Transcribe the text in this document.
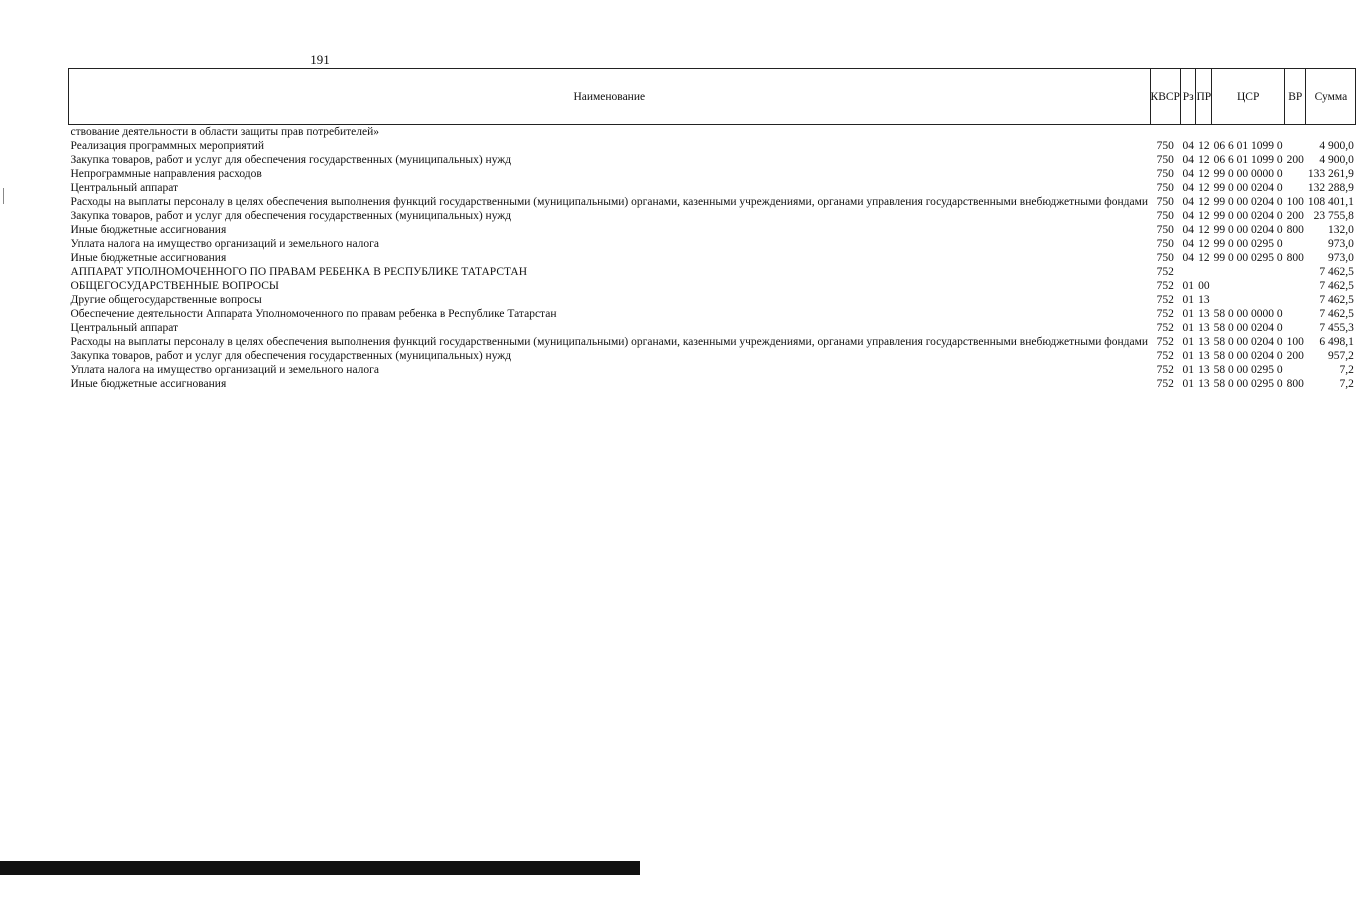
191
Наименование	КВСР	Рз	ПР	ЦСР	ВР	Сумма
ствование деятельности в области защиты прав потребителей»						
Реализация программных мероприятий	750	04	12	06 6 01 1099 0		4 900,0
Закупка товаров, работ и услуг для обеспечения государственных (муниципальных) нужд	750	04	12	06 6 01 1099 0	200	4 900,0
Непрограммные направления расходов	750	04	12	99 0 00 0000 0		133 261,9
Центральный аппарат	750	04	12	99 0 00 0204 0		132 288,9
Расходы на выплаты персоналу в целях обеспечения выполнения функций государственными (муниципальными) органами, казенными учреждениями, органами управления государственными внебюджетными фондами	750	04	12	99 0 00 0204 0	100	108 401,1
Закупка товаров, работ и услуг для обеспечения государственных (муниципальных) нужд	750	04	12	99 0 00 0204 0	200	23 755,8
Иные бюджетные ассигнования	750	04	12	99 0 00 0204 0	800	132,0
Уплата налога на имущество организаций и земельного налога	750	04	12	99 0 00 0295 0		973,0
Иные бюджетные ассигнования	750	04	12	99 0 00 0295 0	800	973,0
АППАРАТ УПОЛНОМОЧЕННОГО ПО ПРАВАМ РЕБЕНКА В РЕСПУБЛИКЕ ТАТАРСТАН	752					7 462,5
ОБЩЕГОСУДАРСТВЕННЫЕ ВОПРОСЫ	752	01	00			7 462,5
Другие общегосударственные вопросы	752	01	13			7 462,5
Обеспечение деятельности Аппарата Уполномоченного по правам ребенка в Республике Татарстан	752	01	13	58 0 00 0000 0		7 462,5
Центральный аппарат	752	01	13	58 0 00 0204 0		7 455,3
Расходы на выплаты персоналу в целях обеспечения выполнения функций государственными (муниципальными) органами, казенными учреждениями, органами управления государственными внебюджетными фондами	752	01	13	58 0 00 0204 0	100	6 498,1
Закупка товаров, работ и услуг для обеспечения государственных (муниципальных) нужд	752	01	13	58 0 00 0204 0	200	957,2
Уплата налога на имущество организаций и земельного налога	752	01	13	58 0 00 0295 0		7,2
Иные бюджетные ассигнования	752	01	13	58 0 00 0295 0	800	7,2
